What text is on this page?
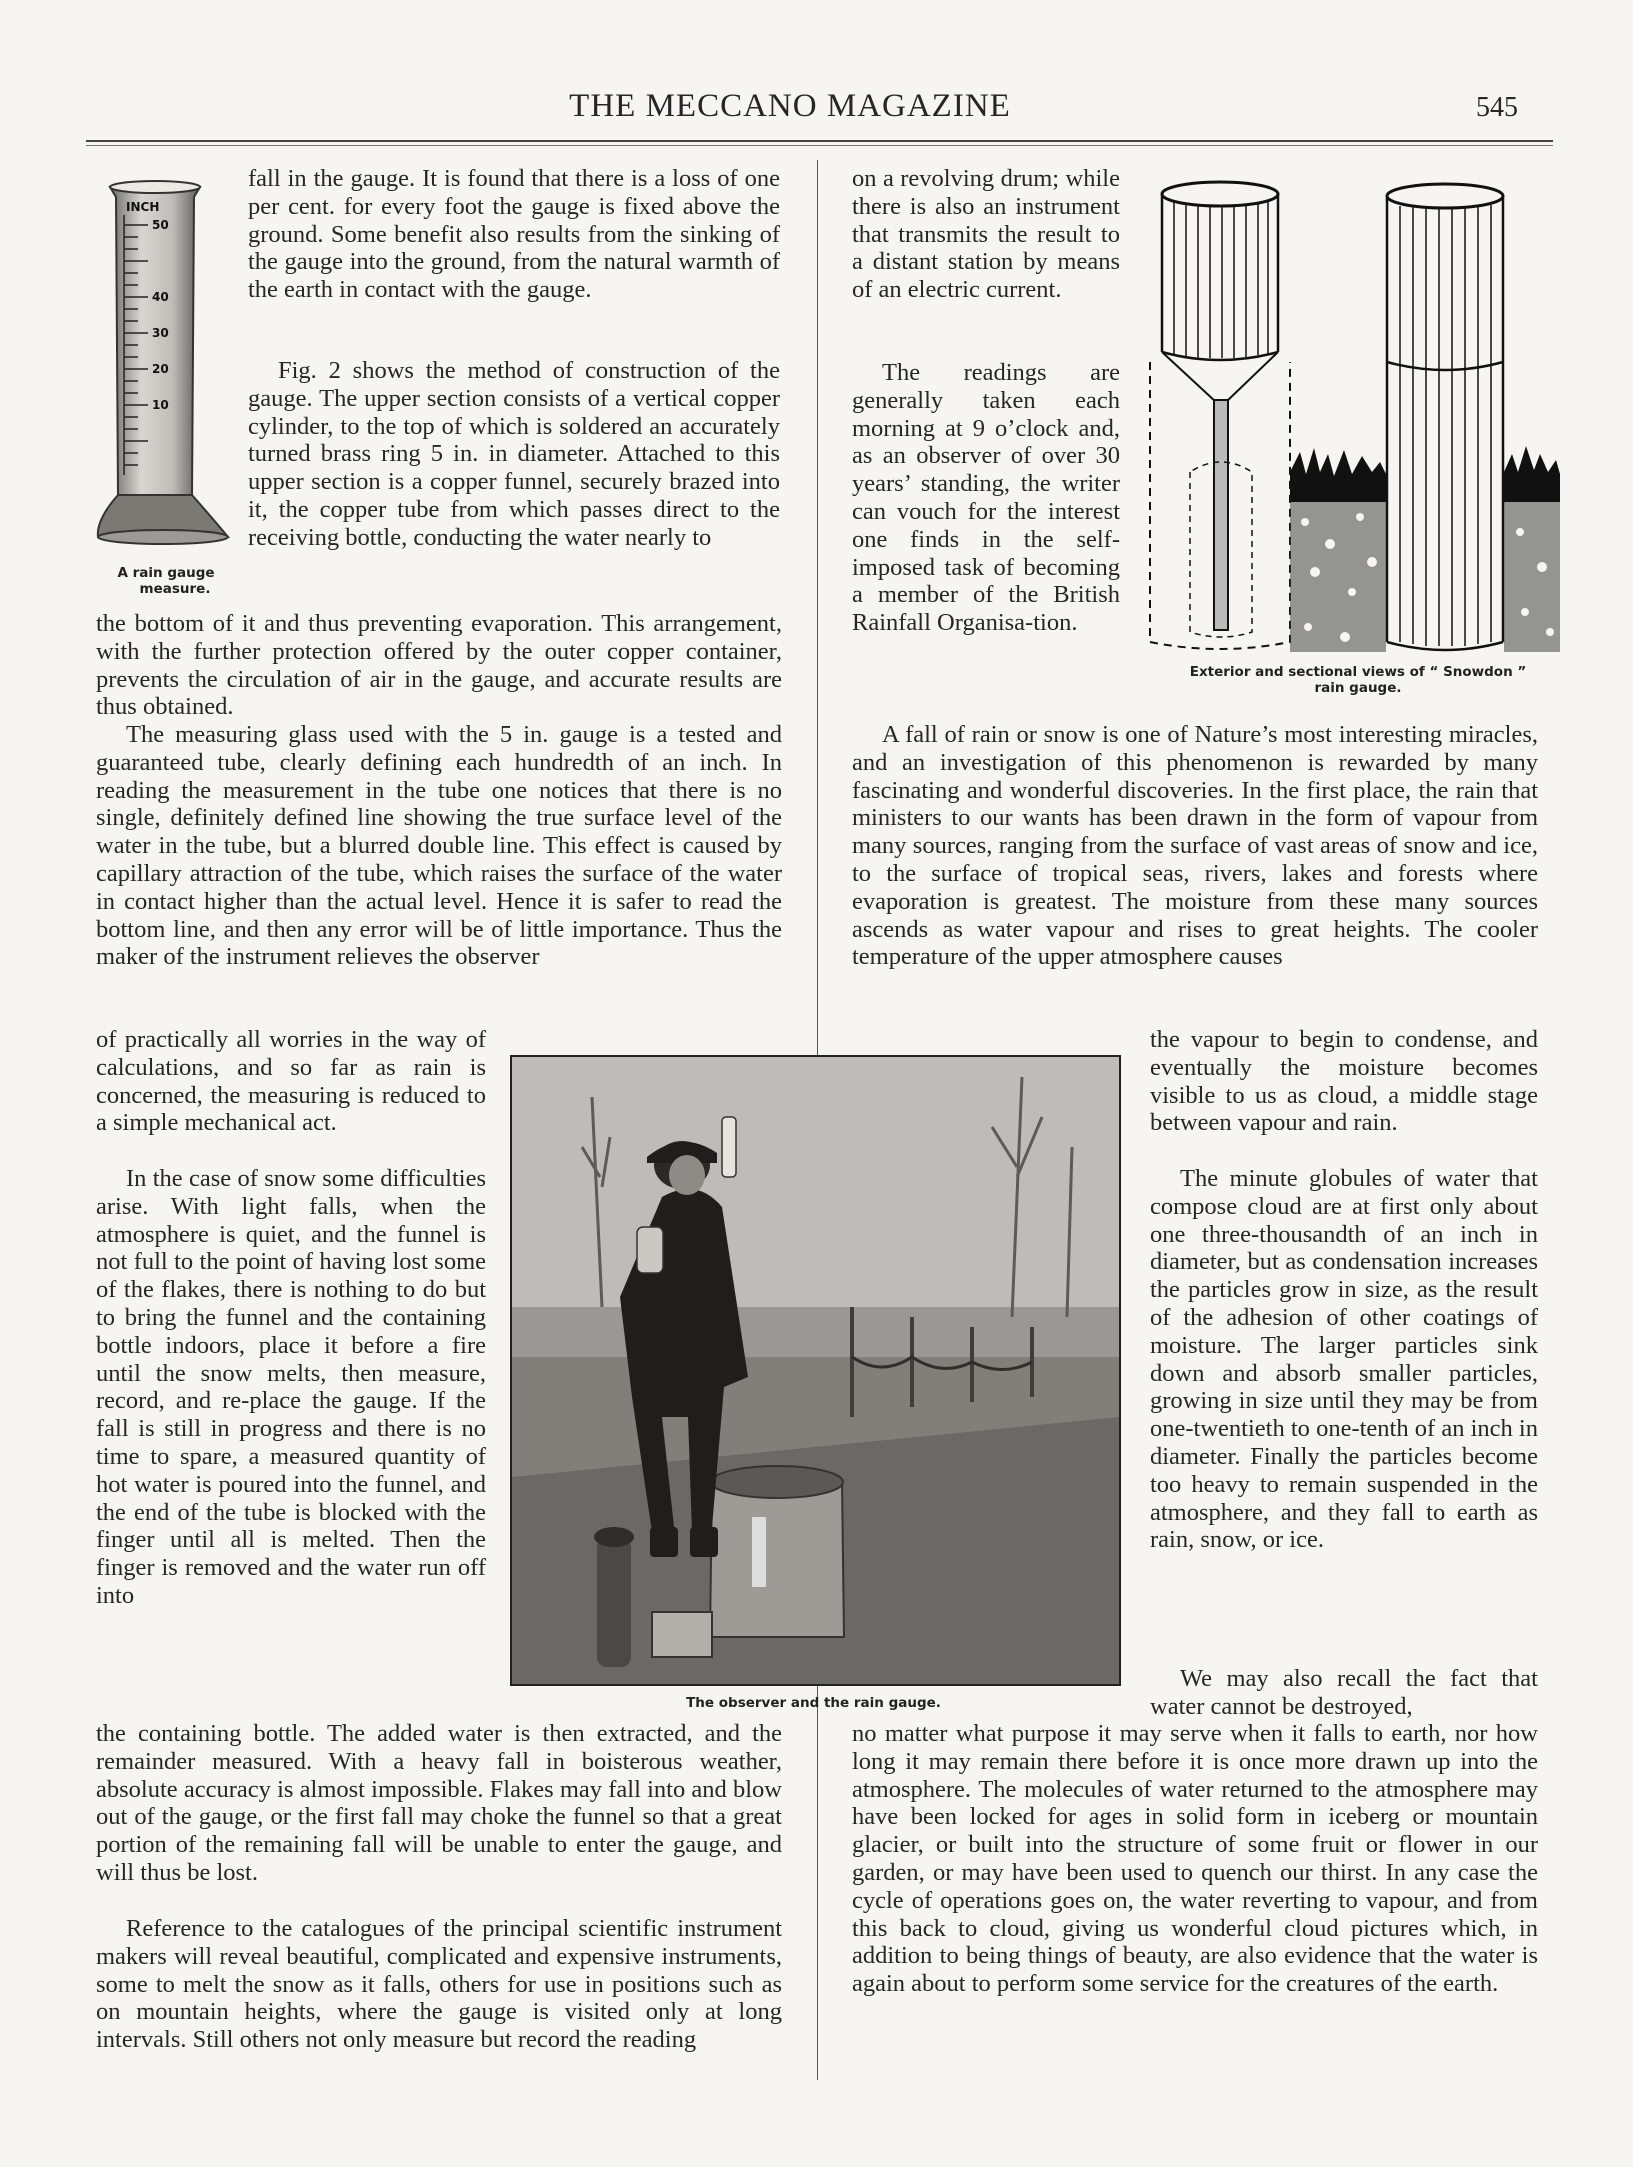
THE MECCANO MAGAZINE	545
INCH
50
40
30
20
10
A rain gauge
measure.

fall in the gauge. It is found that there is a loss of one per cent. for every foot the gauge is fixed above the ground. Some benefit also results from the sinking of the gauge into the ground, from the natural warmth of the earth in contact with the gauge.

Fig. 2 shows the method of construction of the gauge. The upper section consists of a vertical copper cylinder, to the top of which is soldered an accurately turned brass ring 5 in. in diameter. Attached to this upper section is a copper funnel, securely brazed into it, the copper tube from which passes direct to the receiving bottle, conducting the water nearly to

the bottom of it and thus preventing evaporation. This arrangement, with the further protection offered by the outer copper container, prevents the circulation of air in the gauge, and accurate results are thus obtained.

The measuring glass used with the 5 in. gauge is a tested and guaranteed tube, clearly defining each hundredth of an inch. In reading the measurement in the tube one notices that there is no single, definitely defined line showing the true surface level of the water in the tube, but a blurred double line. This effect is caused by capillary attraction of the tube, which raises the surface of the water in contact higher than the actual level. Hence it is safer to read the bottom line, and then any error will be of little importance. Thus the maker of the instrument relieves the observer

of practically all worries in the way of calculations, and so far as rain is concerned, the measuring is reduced to a simple mechanical act.

In the case of snow some difficulties arise. With light falls, when the atmosphere is quiet, and the funnel is not full to the point of having lost some of the flakes, there is nothing to do but to bring the funnel and the containing bottle indoors, place it before a fire until the snow melts, then measure, record, and re-place the gauge. If the fall is still in progress and there is no time to spare, a measured quantity of hot water is poured into the funnel, and the end of the tube is blocked with the finger until all is melted. Then the finger is removed and the water run off into

the containing bottle. The added water is then extracted, and the remainder measured. With a heavy fall in boisterous weather, absolute accuracy is almost impossible. Flakes may fall into and blow out of the gauge, or the first fall may choke the funnel so that a great portion of the remaining fall will be unable to enter the gauge, and will thus be lost.

Reference to the catalogues of the principal scientific instrument makers will reveal beautiful, complicated and expensive instruments, some to melt the snow as it falls, others for use in positions such as on mountain heights, where the gauge is visited only at long intervals. Still others not only measure but record the reading

Exterior and sectional views of “ Snowdon ”
rain gauge.

on a revolving drum; while there is also an instrument that transmits the result to a distant station by means of an electric current.

The readings are generally taken each morning at 9 o’clock and, as an observer of over 30 years’ standing, the writer can vouch for the interest one finds in the self-imposed task of becoming a member of the British Rainfall Organisa-tion.

A fall of rain or snow is one of Nature’s most interesting miracles, and an investigation of this phenomenon is rewarded by many fascinating and wonderful discoveries. In the first place, the rain that ministers to our wants has been drawn in the form of vapour from many sources, ranging from the surface of vast areas of snow and ice, to the surface of tropical seas, rivers, lakes and forests where evaporation is greatest. The moisture from these many sources ascends as water vapour and rises to great heights. The cooler temperature of the upper atmosphere causes

the vapour to begin to condense, and eventually the moisture becomes visible to us as cloud, a middle stage between vapour and rain.

The minute globules of water that compose cloud are at first only about one three-thousandth of an inch in diameter, but as condensation increases the particles grow in size, as the result of the adhesion of other coatings of moisture. The larger particles sink down and absorb smaller particles, growing in size until they may be from one-twentieth to one-tenth of an inch in diameter. Finally the particles become too heavy to remain suspended in the atmosphere, and they fall to earth as rain, snow, or ice.

We may also recall the fact that water cannot be destroyed,

no matter what purpose it may serve when it falls to earth, nor how long it may remain there before it is once more drawn up into the atmosphere. The molecules of water returned to the atmosphere may have been locked for ages in solid form in iceberg or mountain glacier, or built into the structure of some fruit or flower in our garden, or may have been used to quench our thirst. In any case the cycle of operations goes on, the water reverting to vapour, and from this back to cloud, giving us wonderful cloud pictures which, in addition to being things of beauty, are also evidence that the water is again about to perform some service for the creatures of the earth.

The observer and the rain gauge.
